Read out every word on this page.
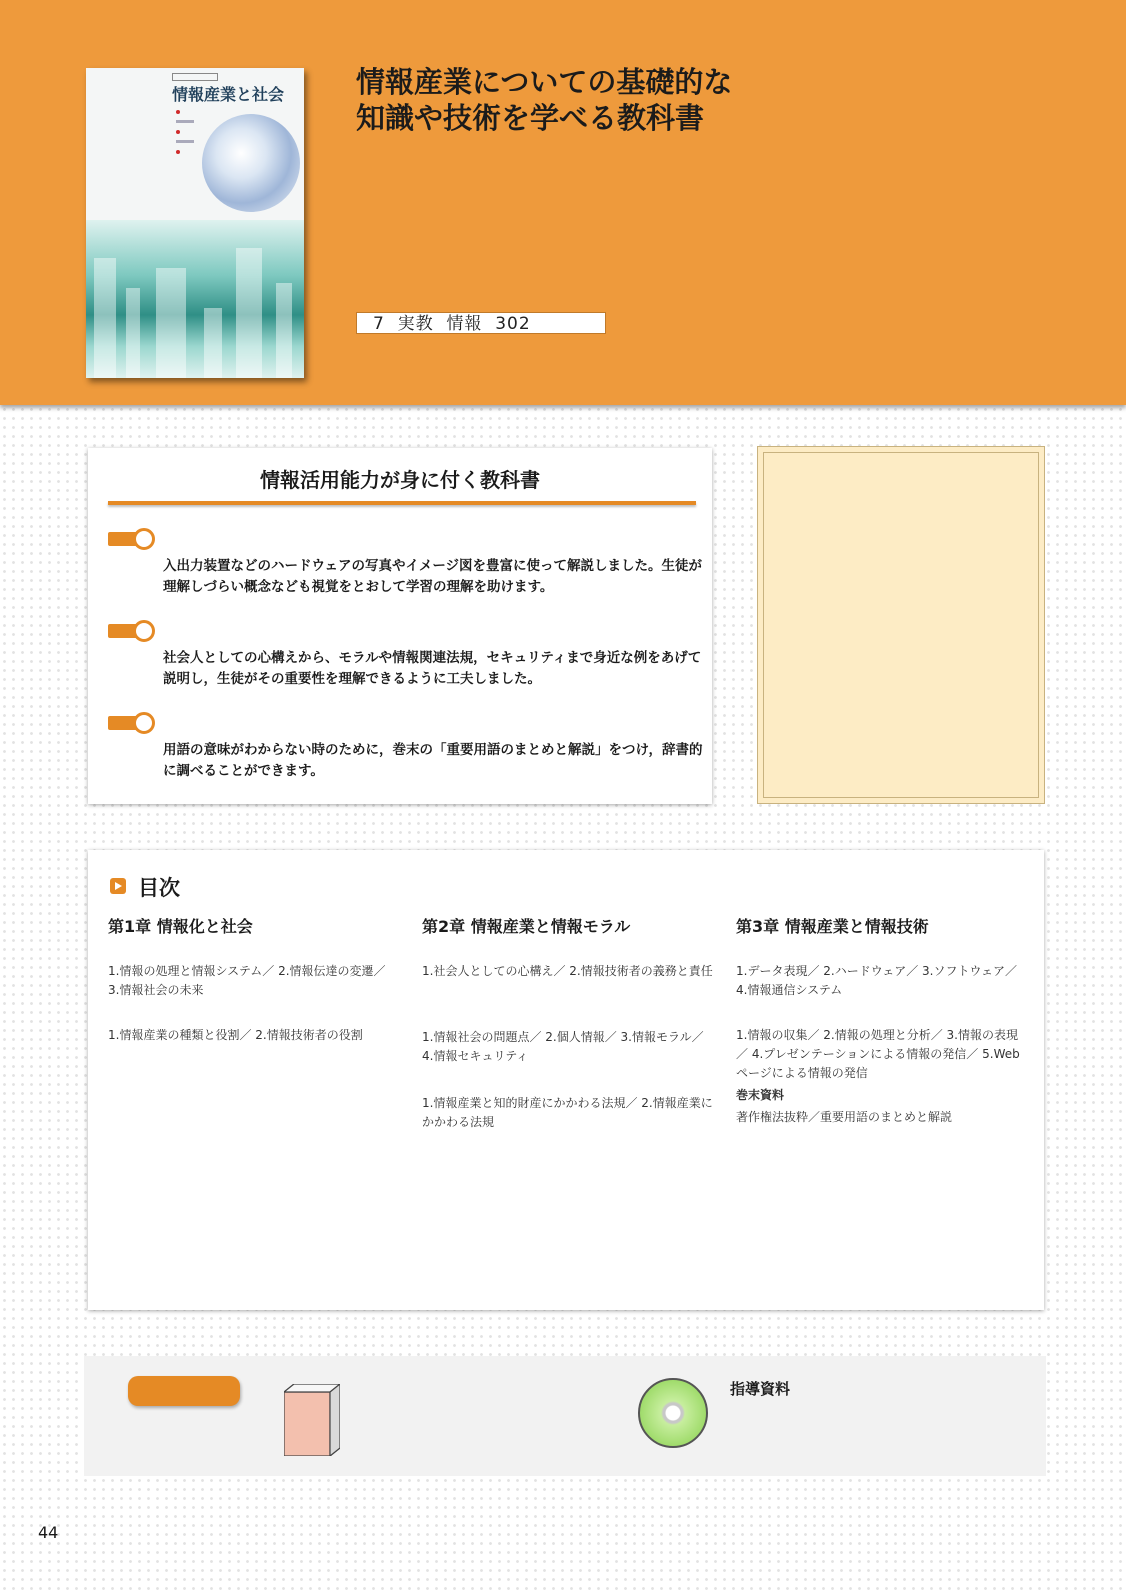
情報産業と社会 情報産業についての基礎的な
知識や技術を学べる教科書
7  実教  情報  302
情報活用能力が身に付く教科書
入出力装置などのハードウェアの写真やイメージ図を豊富に使って解説しました。生徒が理解しづらい概念なども視覚をとおして学習の理解を助けます。
社会人としての心構えから、モラルや情報関連法規，セキュリティまで身近な例をあげて説明し，生徒がその重要性を理解できるように工夫しました。
用語の意味がわからない時のために，巻末の「重要用語のまとめと解説」をつけ，辞書的に調べることができます。
目次
第1章 情報化と社会
1.情報の処理と情報システム／ 2.情報伝達の変遷／ 3.情報社会の未来
1.情報産業の種類と役割／ 2.情報技術者の役割
第2章 情報産業と情報モラル
1.社会人としての心構え／ 2.情報技術者の義務と責任
1.情報社会の問題点／ 2.個人情報／ 3.情報モラル／ 4.情報セキュリティ
1.情報産業と知的財産にかかわる法規／ 2.情報産業にかかわる法規
第3章 情報産業と情報技術
1.データ表現／ 2.ハードウェア／ 3.ソフトウェア／ 4.情報通信システム
1.情報の収集／ 2.情報の処理と分析／ 3.情報の表現／ 4.プレゼンテーションによる情報の発信／ 5.Webページによる情報の発信
巻末資料
著作権法抜粋／重要用語のまとめと解説
指導資料
44
